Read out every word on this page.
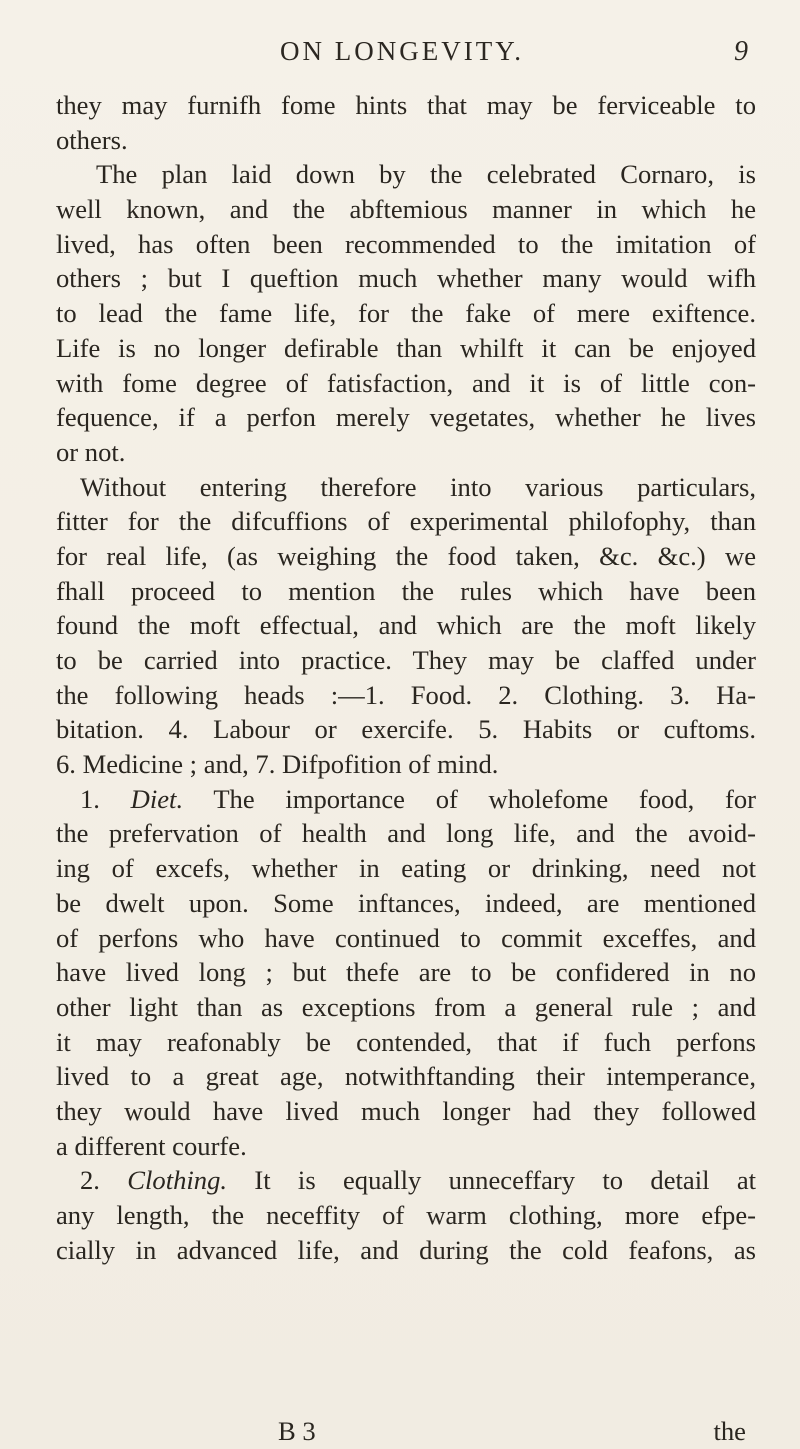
ON LONGEVITY.	9
they may furnifh fome hints that may be ferviceable to
others.
The plan laid down by the celebrated Cornaro, is
well known, and the abftemious manner in which he
lived, has often been recommended to the imitation of
others ; but I queftion much whether many would wifh
to lead the fame life, for the fake of mere exiftence.
Life is no longer defirable than whilft it can be enjoyed
with fome degree of fatisfaction, and it is of little con-
fequence, if a perfon merely vegetates, whether he lives
or not.
Without entering therefore into various particulars,
fitter for the difcuffions of experimental philofophy, than
for real life, (as weighing the food taken, &c. &c.) we
fhall proceed to mention the rules which have been
found the moft effectual, and which are the moft likely
to be carried into practice. They may be claffed under
the following heads :—1. Food. 2. Clothing. 3. Ha-
bitation. 4. Labour or exercife. 5. Habits or cuftoms.
6. Medicine ; and, 7. Difpofition of mind.
1. Diet. The importance of wholefome food, for
the prefervation of health and long life, and the avoid-
ing of excefs, whether in eating or drinking, need not
be dwelt upon. Some inftances, indeed, are mentioned
of perfons who have continued to commit exceffes, and
have lived long ; but thefe are to be confidered in no
other light than as exceptions from a general rule ; and
it may reafonably be contended, that if fuch perfons
lived to a great age, notwithftanding their intemperance,
they would have lived much longer had they followed
a different courfe.
2. Clothing. It is equally unneceffary to detail at
any length, the neceffity of warm clothing, more efpe-
cially in advanced life, and during the cold feafons, as
B 3	the
